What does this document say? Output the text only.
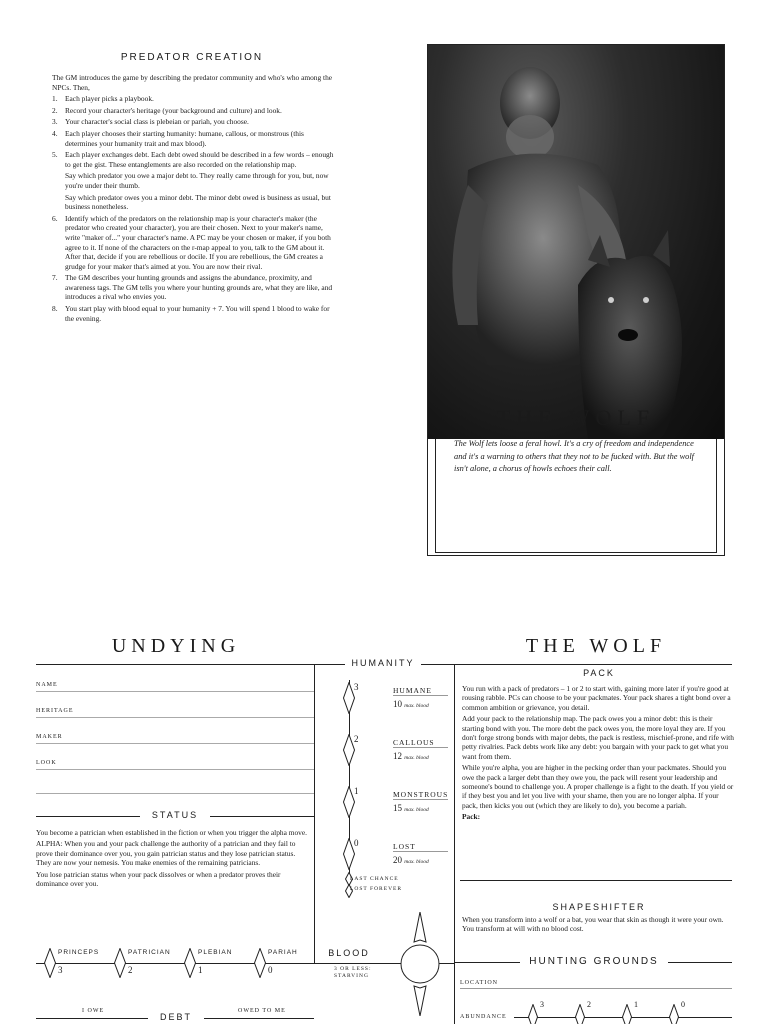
PREDATOR CREATION

The GM introduces the game by describing the predator community and who's who among the NPCs. Then,

1. Each player picks a playbook.
2. Record your character's heritage (your background and culture) and look.
3. Your character's social class is plebeian or pariah, you choose.
4. Each player chooses their starting humanity: humane, callous, or monstrous (this determines your humanity trait and max blood).
5. Each player exchanges debt. Each debt owed should be described in a few words – enough to get the gist. These entanglements are also recorded on the relationship map.
Say which predator you owe a major debt to. They really came through for you, but, now you're under their thumb.
Say which predator owes you a minor debt. The minor debt owed is business as usual, but business nonetheless.
6. Identify which of the predators on the relationship map is your character's maker (the predator who created your character), you are their chosen. Next to your maker's name, write "maker of..." your character's name. A PC may be your chosen or maker, if you both agree to it. If none of the characters on the r-map appeal to you, talk to the GM about it. After that, decide if you are rebellious or docile. If you are rebellious, the GM creates a grudge for your maker that's aimed at you. You are now their rival.
7. The GM describes your hunting grounds and assigns the abundance, proximity, and awareness tags. The GM tells you where your hunting grounds are, what they are like, and introduces a rival who envies you.
8. You start play with blood equal to your humanity + 7. You will spend 1 blood to wake for the evening.
THE WOLF
The Wolf lets loose a feral howl. It's a cry of freedom and independence and it's a warning to others that they not to be fucked with. But the wolf isn't alone, a chorus of howls echoes their call.
UNDYING	THE WOLF
HUMANITY
NAME
HERITAGE
MAKER
LOOK
STATUS

You become a patrician when established in the fiction or when you trigger the alpha move.

ALPHA: When you and your pack challenge the authority of a patrician and they fail to prove their dominance over you, you gain patrician status and they lose patrician status. They are now your nemesis. You make enemies of the remaining patricians.

You lose patrician status when your pack dissolves or when a predator proves their dominance over you.

PRINCEPS
3
PATRICIAN
2
PLEBIAN
1
PARIAH
0
DEBT
I OWE	OWED TO ME
3	HUMANE
10 max. blood
2	CALLOUS
12 max. blood
1	MONSTROUS
15 max. blood
0	LOST
20 max. blood
LAST CHANCE
LOST FOREVER
BLOOD
3 OR LESS:
STARVING
PACK

You run with a pack of predators – 1 or 2 to start with, gaining more later if you're good at rousing rabble. PCs can choose to be your packmates. Your pack shares a tight bond over a common ambition or grievance, you detail.

Add your pack to the relationship map. The pack owes you a minor debt: this is their starting bond with you. The more debt the pack owes you, the more loyal they are. If you don't forge strong bonds with major debts, the pack is restless, mischief-prone, and rife with petty rivalries. Pack debts work like any debt: you bargain with your pack to get what you want from them.

While you're alpha, you are higher in the pecking order than your packmates. Should you owe the pack a larger debt than they owe you, the pack will resent your leadership and someone's bound to challenge you. A proper challenge is a fight to the death. If you yield or if they best you and let you live with your shame, then you are no longer alpha. If your pack, then kicks you out (which they are likely to do), you become a pariah.

Pack:

SHAPESHIFTER
When you transform into a wolf or a bat, you wear that skin as though it were your own. You transform at will with no blood cost.
HUNTING GROUNDS
LOCATION
ABUNDANCE
3	2	1	0
